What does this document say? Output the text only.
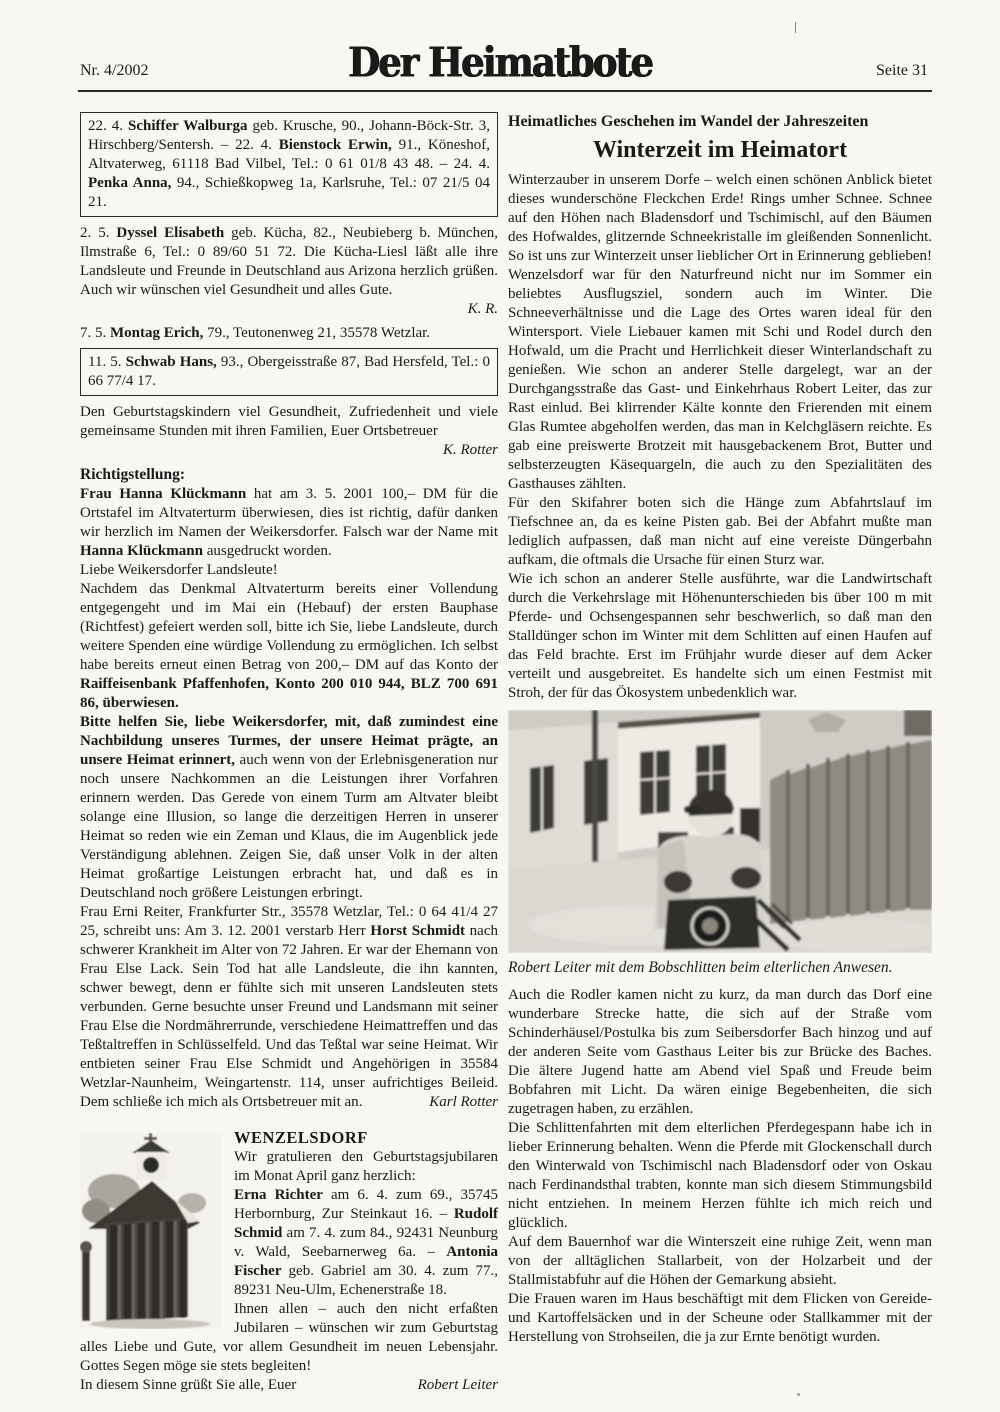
Nr. 4/2002	Der Heimatbote	Seite 31

22. 4. Schiffer Walburga geb. Krusche, 90., Johann-Böck-Str. 3, Hirschberg/Sentersh. – 22. 4. Bienstock Erwin, 91., Köneshof, Altvaterweg, 61118 Bad Vilbel, Tel.: 0 61 01/8 43 48. – 24. 4. Penka Anna, 94., Schießkopweg 1a, Karlsruhe, Tel.: 07 21/5 04 21.

2. 5. Dyssel Elisabeth geb. Kücha, 82., Neubieberg b. München, Ilmstraße 6, Tel.: 0 89/60 51 72. Die Kücha-Liesl läßt alle ihre Landsleute und Freunde in Deutschland aus Arizona herzlich grüßen. Auch wir wünschen viel Gesundheit und alles Gute.

K. R.

7. 5. Montag Erich, 79., Teutonenweg 21, 35578 Wetzlar.

11. 5. Schwab Hans, 93., Obergeisstraße 87, Bad Hersfeld, Tel.: 0 66 77/4 17.

Den Geburtstagskindern viel Gesundheit, Zufriedenheit und viele gemeinsame Stunden mit ihren Familien, Euer Ortsbetreuer

K. Rotter
Richtigstellung:

Frau Hanna Klückmann hat am 3. 5. 2001 100,– DM für die Ortstafel im Altvaterturm überwiesen, dies ist richtig, dafür danken wir herzlich im Namen der Weikersdorfer. Falsch war der Name mit Hanna Klückmann ausgedruckt worden.

Liebe Weikersdorfer Landsleute!

Nachdem das Denkmal Altvaterturm bereits einer Vollendung entgegengeht und im Mai ein (Hebauf) der ersten Bauphase (Richtfest) gefeiert werden soll, bitte ich Sie, liebe Landsleute, durch weitere Spenden eine würdige Vollendung zu ermöglichen. Ich selbst habe bereits erneut einen Betrag von 200,– DM auf das Konto der Raiffeisenbank Pfaffenhofen, Konto 200 010 944, BLZ 700 691 86, überwiesen.

Bitte helfen Sie, liebe Weikersdorfer, mit, daß zumindest eine Nachbildung unseres Turmes, der unsere Heimat prägte, an unsere Heimat erinnert, auch wenn von der Erlebnisgeneration nur noch unsere Nachkommen an die Leistungen ihrer Vorfahren erinnern werden. Das Gerede von einem Turm am Altvater bleibt solange eine Illusion, so lange die derzeitigen Herren in unserer Heimat so reden wie ein Zeman und Klaus, die im Augenblick jede Verständigung ablehnen. Zeigen Sie, daß unser Volk in der alten Heimat großartige Leistungen erbracht hat, und daß es in Deutschland noch größere Leistungen erbringt.

Frau Erni Reiter, Frankfurter Str., 35578 Wetzlar, Tel.: 0 64 41/4 27 25, schreibt uns: Am 3. 12. 2001 verstarb Herr Horst Schmidt nach schwerer Krankheit im Alter von 72 Jahren. Er war der Ehemann von Frau Else Lack. Sein Tod hat alle Landsleute, die ihn kannten, schwer bewegt, denn er fühlte sich mit unseren Landsleuten stets verbunden. Gerne besuchte unser Freund und Landsmann mit seiner Frau Else die Nordmährerrunde, verschiedene Heimattreffen und das Teßtaltreffen in Schlüsselfeld. Und das Teßtal war seine Heimat. Wir entbieten seiner Frau Else Schmidt und Angehörigen in 35584 Wetzlar-Naunheim, Weingartenstr. 114, unser aufrichtiges Beileid. Dem schließe ich mich als Ortsbetreuer mit an.	Karl Rotter

WENZELSDORF

Wir gratulieren den Geburtstagsjubilaren im Monat April ganz herzlich:

Erna Richter am 6. 4. zum 69., 35745 Herbornburg, Zur Steinkaut 16. – Rudolf Schmid am 7. 4. zum 84., 92431 Neunburg v. Wald, Seebarnerweg 6a. – Antonia Fischer geb. Gabriel am 30. 4. zum 77., 89231 Neu-Ulm, Echenerstraße 18.

Ihnen allen – auch den nicht erfaßten Jubilaren – wünschen wir zum Geburtstag alles Liebe und Gute, vor allem Gesundheit im neuen Lebensjahr. Gottes Segen möge sie stets begleiten!

In diesem Sinne grüßt Sie alle, Euer	Robert Leiter

Heimatliches Geschehen im Wandel der Jahreszeiten
Winterzeit im Heimatort

Winterzauber in unserem Dorfe – welch einen schönen Anblick bietet dieses wunderschöne Fleckchen Erde! Rings umher Schnee. Schnee auf den Höhen nach Bladensdorf und Tschimischl, auf den Bäumen des Hofwaldes, glitzernde Schneekristalle im gleißenden Sonnenlicht. So ist uns zur Winterzeit unser lieblicher Ort in Erinnerung geblieben! Wenzelsdorf war für den Naturfreund nicht nur im Sommer ein beliebtes Ausflugsziel, sondern auch im Winter. Die Schneeverhältnisse und die Lage des Ortes waren ideal für den Wintersport. Viele Liebauer kamen mit Schi und Rodel durch den Hofwald, um die Pracht und Herrlichkeit dieser Winterlandschaft zu genießen. Wie schon an anderer Stelle dargelegt, war an der Durchgangsstraße das Gast- und Einkehrhaus Robert Leiter, das zur Rast einlud. Bei klirrender Kälte konnte den Frierenden mit einem Glas Rumtee abgeholfen werden, das man in Kelchgläsern reichte. Es gab eine preiswerte Brotzeit mit hausgebackenem Brot, Butter und selbsterzeugten Käsequargeln, die auch zu den Spezialitäten des Gasthauses zählten.

Für den Skifahrer boten sich die Hänge zum Abfahrtslauf im Tiefschnee an, da es keine Pisten gab. Bei der Abfahrt mußte man lediglich aufpassen, daß man nicht auf eine vereiste Düngerbahn aufkam, die oftmals die Ursache für einen Sturz war.

Wie ich schon an anderer Stelle ausführte, war die Landwirtschaft durch die Verkehrslage mit Höhenunterschieden bis über 100 m mit Pferde- und Ochsengespannen sehr beschwerlich, so daß man den Stalldünger schon im Winter mit dem Schlitten auf einen Haufen auf das Feld brachte. Erst im Frühjahr wurde dieser auf dem Acker verteilt und ausgebreitet. Es handelte sich um einen Festmist mit Stroh, der für das Ökosystem unbedenklich war.

Robert Leiter mit dem Bobschlitten beim elterlichen Anwesen.

Auch die Rodler kamen nicht zu kurz, da man durch das Dorf eine wunderbare Strecke hatte, die sich auf der Straße vom Schinderhäusel/Postulka bis zum Seibersdorfer Bach hinzog und auf der anderen Seite vom Gasthaus Leiter bis zur Brücke des Baches. Die ältere Jugend hatte am Abend viel Spaß und Freude beim Bobfahren mit Licht. Da wären einige Begebenheiten, die sich zugetragen haben, zu erzählen.

Die Schlittenfahrten mit dem elterlichen Pferdegespann habe ich in lieber Erinnerung behalten. Wenn die Pferde mit Glockenschall durch den Winterwald von Tschimischl nach Bladensdorf oder von Oskau nach Ferdinandsthal trabten, konnte man sich diesem Stimmungsbild nicht entziehen. In meinem Herzen fühlte ich mich reich und glücklich.

Auf dem Bauernhof war die Winterszeit eine ruhige Zeit, wenn man von der alltäglichen Stallarbeit, von der Holzarbeit und der Stallmistabfuhr auf die Höhen der Gemarkung absieht.

Die Frauen waren im Haus beschäftigt mit dem Flicken von Gereide- und Kartoffelsäcken und in der Scheune oder Stallkammer mit der Herstellung von Strohseilen, die ja zur Ernte benötigt wurden.
